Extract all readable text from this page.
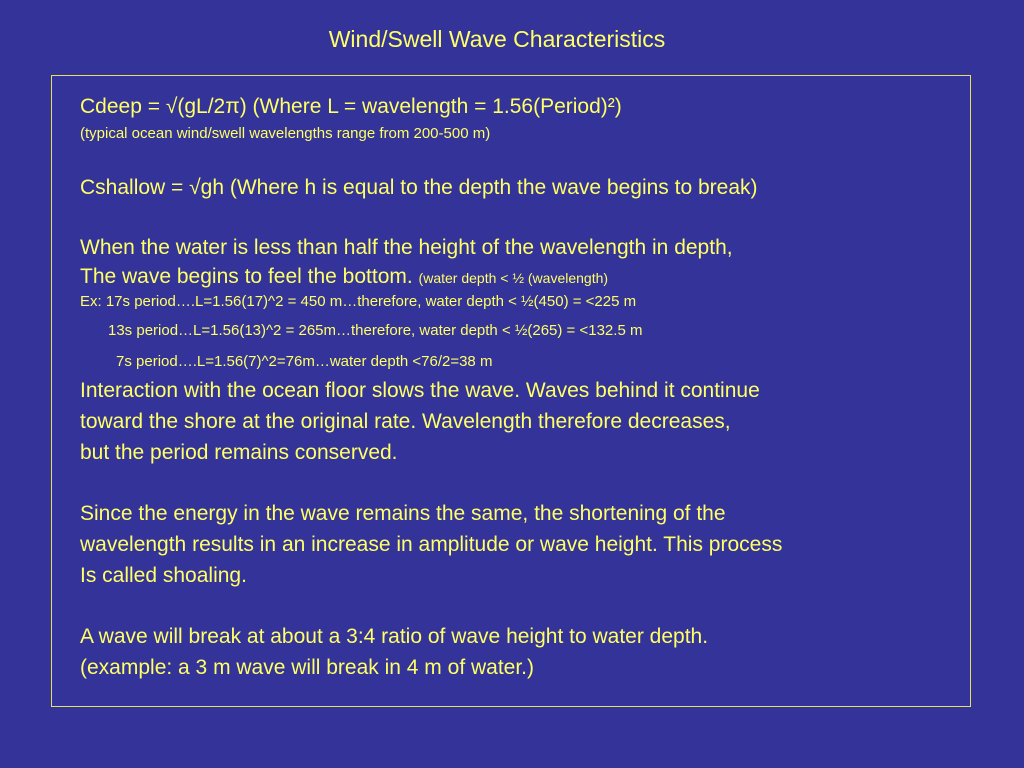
Wind/Swell Wave Characteristics
Cdeep = √(gL/2π) (Where L = wavelength = 1.56(Period)²)
(typical ocean wind/swell wavelengths range from 200-500 m)
Cshallow = √gh (Where h is equal to the depth the wave begins to break)
When the water is less than half the height of the wavelength in depth,
The wave begins to feel the bottom. (water depth < ½ (wavelength)
Ex: 17s period….L=1.56(17)^2 = 450 m…therefore, water depth < ½(450) = <225 m
13s period…L=1.56(13)^2 = 265m…therefore, water depth < ½(265) = <132.5 m
7s period….L=1.56(7)^2=76m…water depth <76/2=38 m
Interaction with the ocean floor slows the wave. Waves behind it continue
toward the shore at the original rate. Wavelength therefore decreases,
but the period remains conserved.
Since the energy in the wave remains the same, the shortening of the
wavelength results in an increase in amplitude or wave height. This process
Is called shoaling.
A wave will break at about a 3:4 ratio of wave height to water depth.
(example: a 3 m wave will break in 4 m of water.)
